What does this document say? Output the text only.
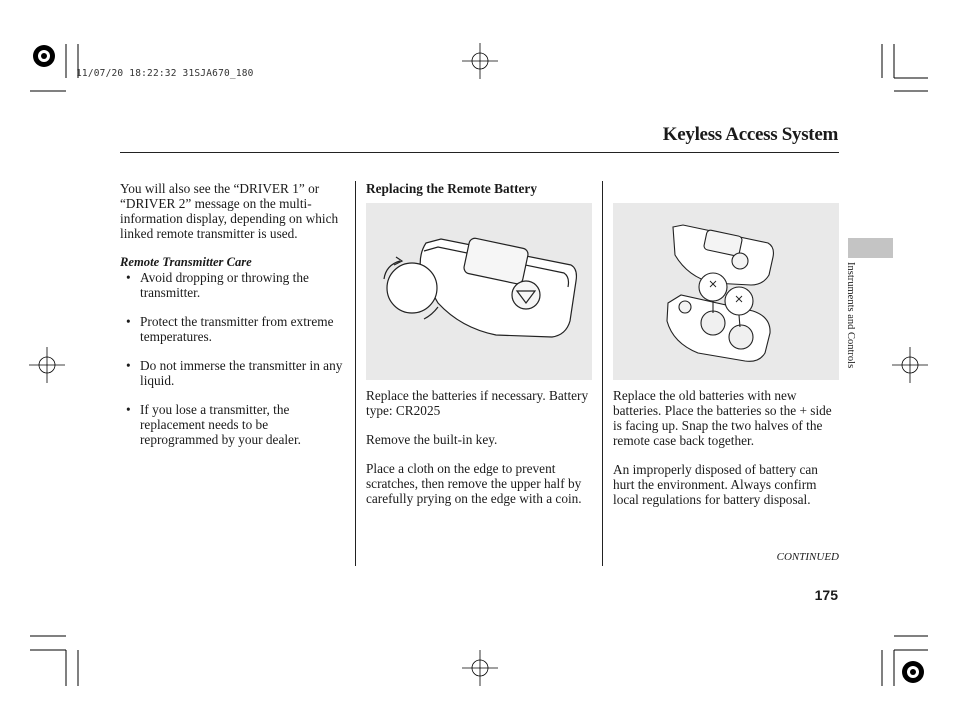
11/07/20 18:22:32 31SJA670_180
Keyless Access System

You will also see the “DRIVER 1” or “DRIVER 2” message on the multi-information display, depending on which linked remote transmitter is used.

Remote Transmitter Care

• Avoid dropping or throwing the transmitter.
• Protect the transmitter from extreme temperatures.
• Do not immerse the transmitter in any liquid.
• If you lose a transmitter, the replacement needs to be reprogrammed by your dealer.
Replacing the Remote Battery

Replace the batteries if necessary. Battery type: CR2025

Remove the built-in key.

Place a cloth on the edge to prevent scratches, then remove the upper half by carefully prying on the edge with a coin.

Replace the old batteries with new batteries. Place the batteries so the + side is facing up. Snap the two halves of the remote case back together.

An improperly disposed of battery can hurt the environment. Always confirm local regulations for battery disposal.

Instruments and Controls
CONTINUED
175
